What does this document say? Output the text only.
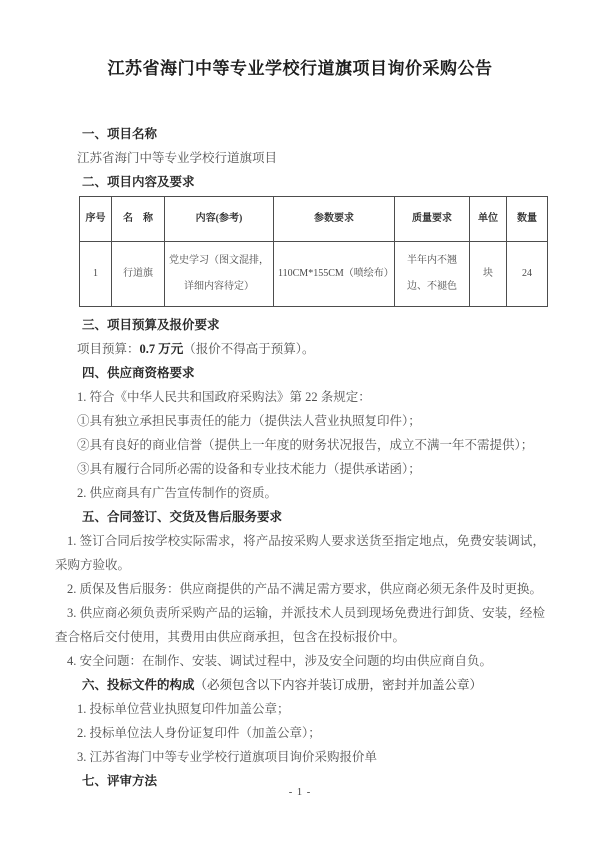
江苏省海门中等专业学校行道旗项目询价采购公告

一、项目名称

江苏省海门中等专业学校行道旗项目

二、项目内容及要求

序号	名　称	内容(参考)	参数要求	质量要求	单位	数量
1	行道旗	党史学习（图文混排，详细内容待定）	110CM*155CM（喷绘布）	半年内不翘边、不褪色	块	24

三、项目预算及报价要求

项目预算：0.7 万元（报价不得高于预算）。

四、供应商资格要求

1. 符合《中华人民共和国政府采购法》第 22 条规定：

①具有独立承担民事责任的能力（提供法人营业执照复印件）；

②具有良好的商业信誉（提供上一年度的财务状况报告，成立不满一年不需提供）；

③具有履行合同所必需的设备和专业技术能力（提供承诺函）；

2. 供应商具有广告宣传制作的资质。

五、合同签订、交货及售后服务要求

1. 签订合同后按学校实际需求，将产品按采购人要求送货至指定地点，免费安装调试，采购方验收。

2. 质保及售后服务：供应商提供的产品不满足需方要求，供应商必须无条件及时更换。

3. 供应商必须负责所采购产品的运输，并派技术人员到现场免费进行卸货、安装，经检查合格后交付使用，其费用由供应商承担，包含在投标报价中。

4. 安全问题：在制作、安装、调试过程中，涉及安全问题的均由供应商自负。

六、投标文件的构成（必须包含以下内容并装订成册，密封并加盖公章）

1. 投标单位营业执照复印件加盖公章；

2. 投标单位法人身份证复印件（加盖公章）；

3. 江苏省海门中等专业学校行道旗项目询价采购报价单

七、评审方法

- 1 -
